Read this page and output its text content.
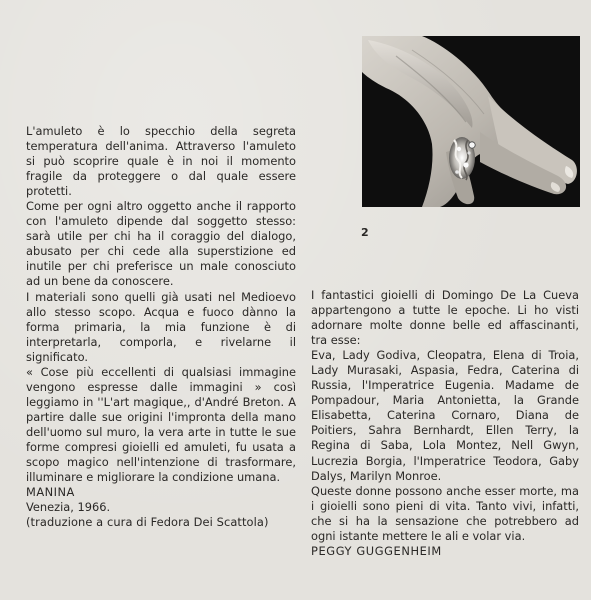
L'amuleto è lo specchio della segreta temperatura dell'anima. Attraverso l'amuleto si può scoprire quale è in noi il momento fragile da proteggere o dal quale essere protetti.

Come per ogni altro oggetto anche il rapporto con l'amuleto dipende dal soggetto stesso: sarà utile per chi ha il coraggio del dialogo, abusato per chi cede alla superstizione ed inutile per chi preferisce un male conosciuto ad un bene da conoscere.

I materiali sono quelli già usati nel Medioevo allo stesso scopo. Acqua e fuoco dànno la forma primaria, la mia funzione è di interpretarla, comporla, e rivelarne il significato.

« Cose più eccellenti di qualsiasi immagine vengono espresse dalle immagini » così leggiamo in ''L'art magique,, d'André Breton. A partire dalle sue origini l'impronta della mano dell'uomo sul muro, la vera arte in tutte le sue forme compresi gioielli ed amuleti, fu usata a scopo magico nell'intenzione di trasformare, illuminare e migliorare la condizione umana.

MANINA

Venezia, 1966.

(traduzione a cura di Fedora Dei Scattola)

2

I fantastici gioielli di Domingo De La Cueva appartengono a tutte le epoche. Li ho visti adornare molte donne belle ed affascinanti, tra esse:

Eva, Lady Godiva, Cleopatra, Elena di Troia, Lady Murasaki, Aspasia, Fedra, Caterina di Russia, l'Imperatrice Eugenia. Madame de Pompadour, Maria Antonietta, la Grande Elisabetta, Caterina Cornaro, Diana de Poitiers, Sahra Bernhardt, Ellen Terry, la Regina di Saba, Lola Montez, Nell Gwyn, Lucrezia Borgia, l'Imperatrice Teodora, Gaby Dalys, Marilyn Monroe.

Queste donne possono anche esser morte, ma i gioielli sono pieni di vita. Tanto vivi, infatti, che si ha la sensazione che potrebbero ad ogni istante mettere le ali e volar via.

PEGGY GUGGENHEIM
